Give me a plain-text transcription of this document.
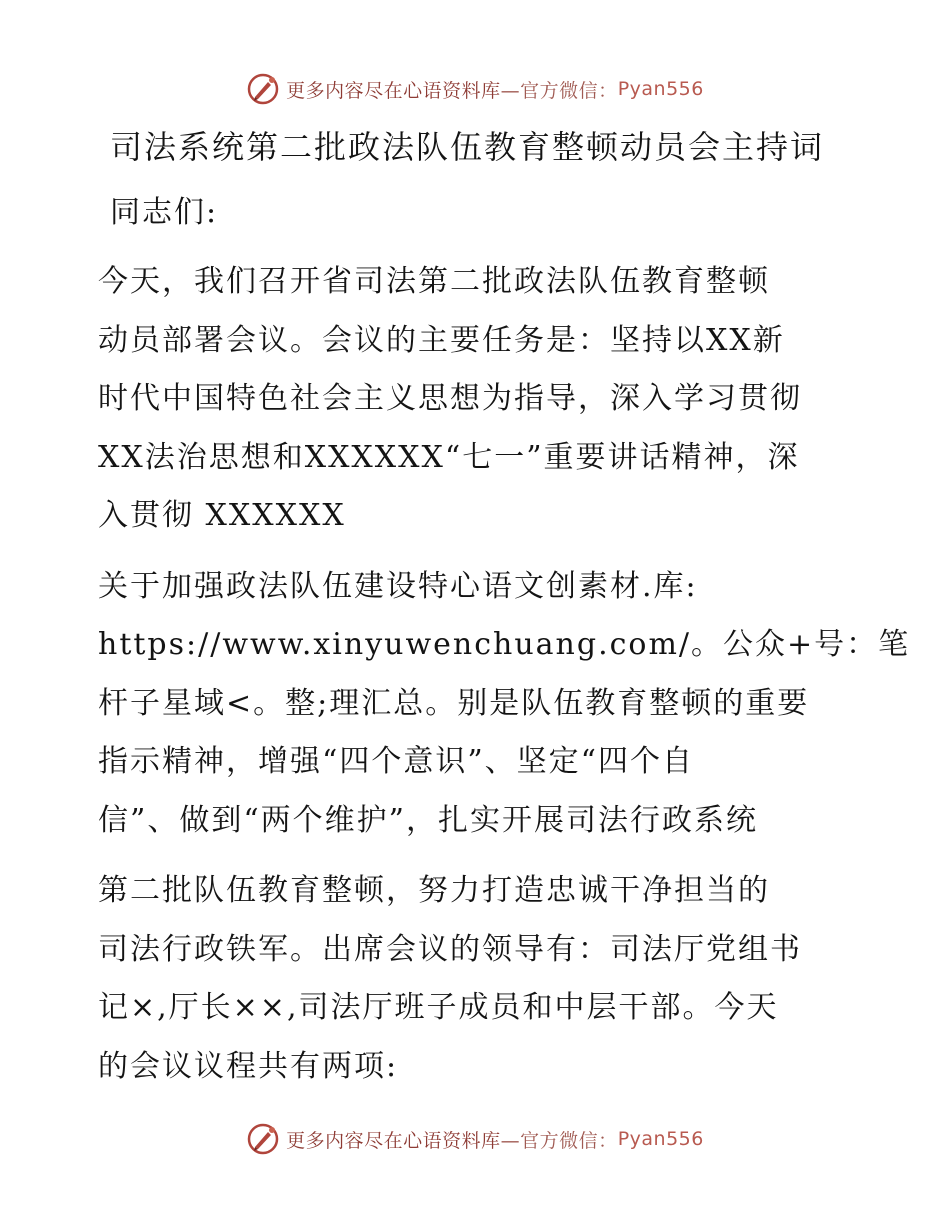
更多内容尽在心语资料库 —官方微信： Pyan556
司法系统第二批政法队伍教育整顿动员会主持词

同志们:

今天，我们召开省司法第二批政法队伍教育整顿
动员部署会议。会议的主要任务是：坚持以XX新
时代中国特色社会主义思想为指导，深入学习贯彻
XX法治思想和XXXXXX“七一”重要讲话精神，深
入贯彻 XXXXXX

关于加强政法队伍建设特心语文创素材.库:
https://www.xinyuwenchuang.com/。公众+号：笔
杆子星域<。整;理汇总。别是队伍教育整顿的重要
指示精神，增强“四个意识”、坚定“四个自
信”、做到“两个维护”，扎实开展司法行政系统

第二批队伍教育整顿，努力打造忠诚干净担当的
司法行政铁军。出席会议的领导有：司法厅党组书
记×,厅长××,司法厅班子成员和中层干部。今天
的会议议程共有两项:

更多内容尽在心语资料库 —官方微信： Pyan556
